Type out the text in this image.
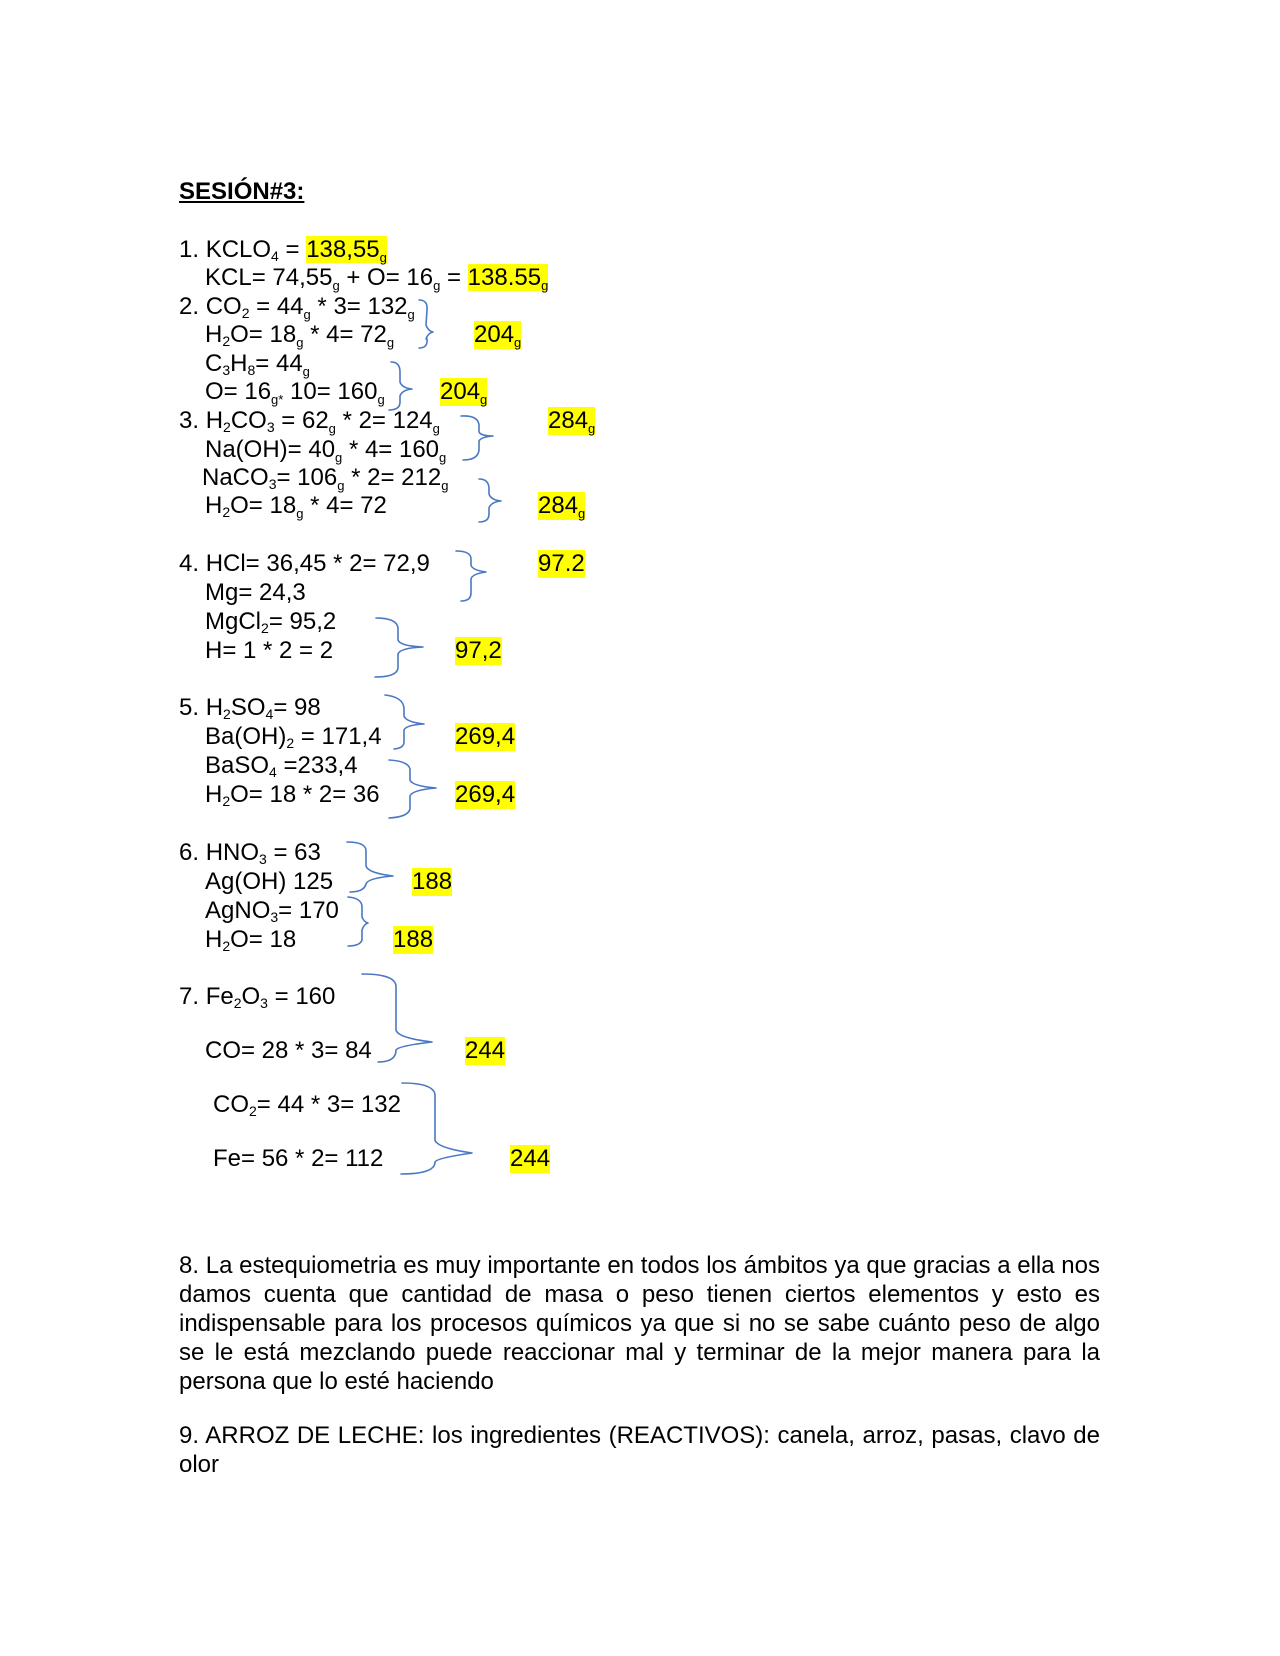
SESIÓN#3:
1. $KCLO_4 = 138,55_g$
$KCL= 74,55_g + O= 16_g = 138.55_g$
2. $CO_2 = 44_g * 3= 132_g$
$H_2O= 18_g * 4= 72_g$
$C_3H_8= 44_g$
$O= 16_{g*}$ $10= 160_g$
$204_g$
$204_g$
3. $H_2CO_3 = 62_g * 2= 124_g$
$Na(OH)= 40_g * 4= 160_g$
NaCO$_3$= $106_g * 2= 212_g$
$H_2O= 18_g * 4= 72$
$284_g$
$284_g$
4. HCl= 36,45 * 2= 72,9
Mg= 24,3
MgCl$_2$= 95,2
H= 1 * 2 = 2
97.2
97,2
5. $H_2SO_4= 98$
$Ba(OH)_2 = 171,4$
BaSO$_4$ =233,4
$H_2O= 18 * 2= 36$
269,4
269,4
6. $HNO_3 = 63$
Ag(OH) 125
AgNO$_3$= 170
$H_2O= 18$
188
188
7. $Fe_2O_3 = 160$
CO= 28 * 3= 84
$CO_2= 44 * 3= 132$
Fe= 56 * 2= 112
244
244
8. La estequiometria es muy importante en todos los ámbitos ya que gracias a ella nos damos cuenta que cantidad de masa o peso tienen ciertos elementos y esto es indispensable para los procesos químicos ya que si no se sabe cuánto peso de algo se le está mezclando puede reaccionar mal y terminar de la mejor manera para la persona que lo esté haciendo
9. ARROZ DE LECHE: los ingredientes (REACTIVOS): canela, arroz, pasas, clavo de olor
